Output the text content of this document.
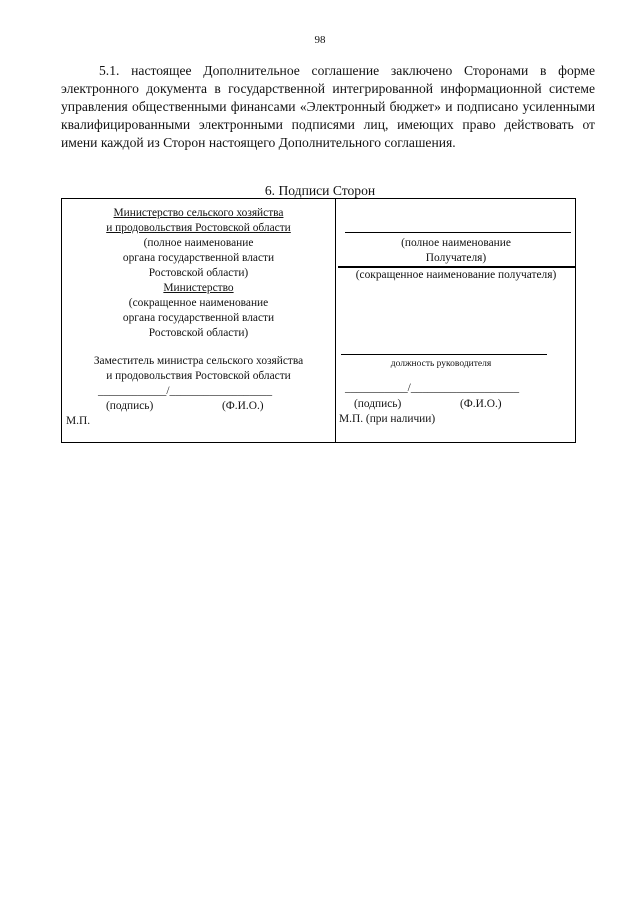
98
5.1. настоящее Дополнительное соглашение заключено Сторонами в форме электронного документа в государственной интегрированной информационной системе управления общественными финансами «Электронный бюджет» и подписано усиленными квалифицированными электронными подписями лиц, имеющих право действовать от имени каждой из Сторон настоящего Дополнительного соглашения.
6. Подписи Сторон
Министерство сельского хозяйства
и продовольствия Ростовской области
(полное наименование
органа государственной власти
Ростовской области)
Министерство
(сокращенное наименование
органа государственной власти
Ростовской области)
Заместитель министра сельского хозяйства
и продовольствия Ростовской области
____________/__________________
(подпись)	(Ф.И.О.)
М.П.
(полное наименование
Получателя)
(сокращенное наименование получателя)
должность руководителя
___________/___________________
(подпись)	(Ф.И.О.)
М.П. (при наличии)
